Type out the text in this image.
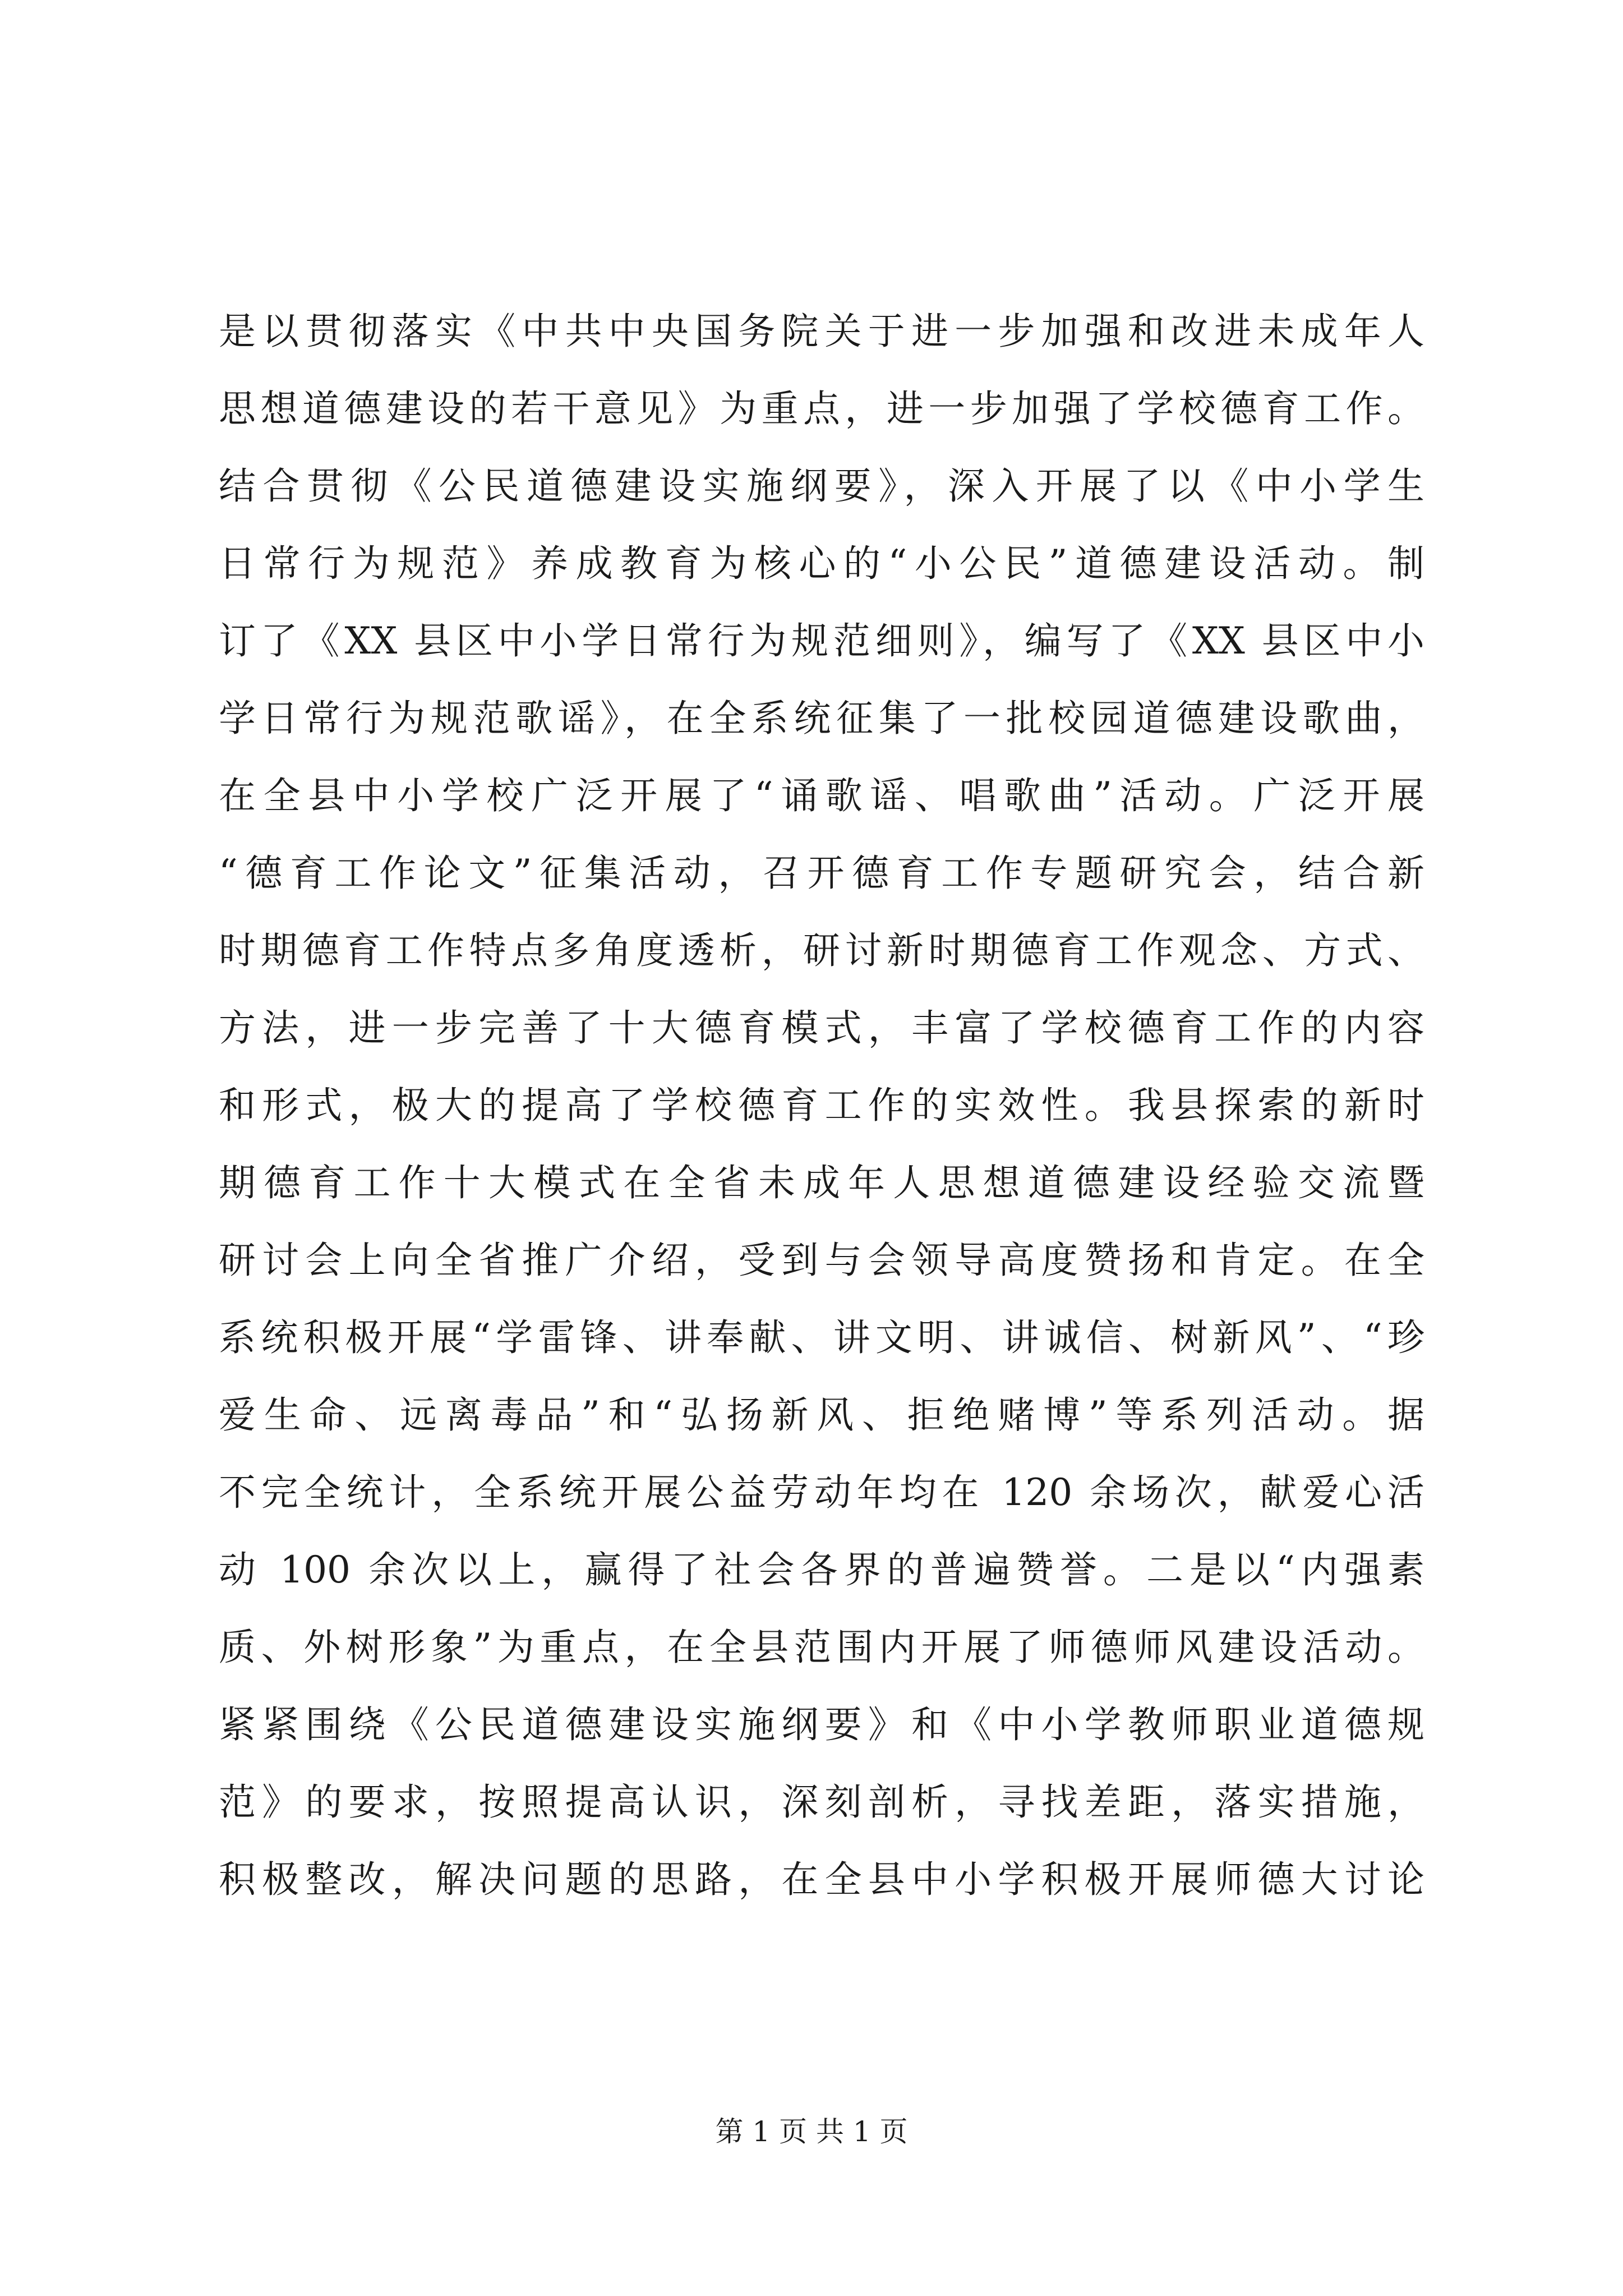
是以贯彻落实《中共中央国务院关于进一步加强和改进未成年人
思想道德建设的若干意见》为重点，进一步加强了学校德育工作。
结合贯彻《公民道德建设实施纲要》，深入开展了以《中小学生
日常行为规范》养成教育为核心的“小公民”道德建设活动。制
订了《XX 县区中小学日常行为规范细则》，编写了《XX 县区中小
学日常行为规范歌谣》，在全系统征集了一批校园道德建设歌曲，
在全县中小学校广泛开展了“诵歌谣、唱歌曲”活动。广泛开展
“德育工作论文”征集活动，召开德育工作专题研究会，结合新
时期德育工作特点多角度透析，研讨新时期德育工作观念、方式、
方法，进一步完善了十大德育模式，丰富了学校德育工作的内容
和形式，极大的提高了学校德育工作的实效性。我县探索的新时
期德育工作十大模式在全省未成年人思想道德建设经验交流暨
研讨会上向全省推广介绍，受到与会领导高度赞扬和肯定。在全
系统积极开展“学雷锋、讲奉献、讲文明、讲诚信、树新风”、“珍
爱生命、远离毒品”和“弘扬新风、拒绝赌博”等系列活动。据
不完全统计，全系统开展公益劳动年均在 120 余场次，献爱心活
动 100 余次以上，赢得了社会各界的普遍赞誉。二是以“内强素
质、外树形象”为重点，在全县范围内开展了师德师风建设活动。
紧紧围绕《公民道德建设实施纲要》和《中小学教师职业道德规
范》的要求，按照提高认识，深刻剖析，寻找差距，落实措施，
积极整改，解决问题的思路，在全县中小学积极开展师德大讨论
第 1 页 共 1 页
